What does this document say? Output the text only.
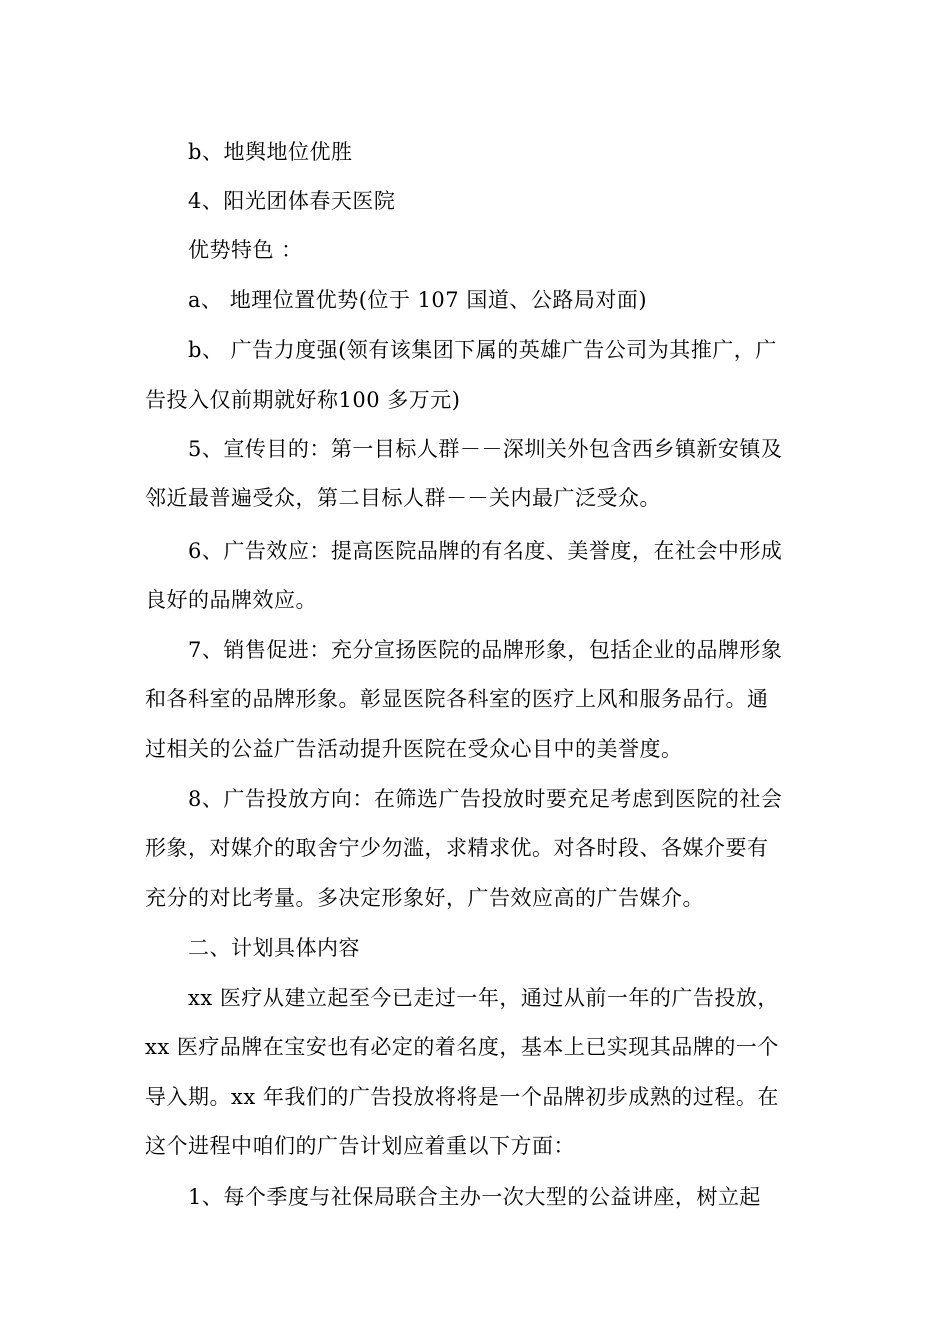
b、地舆地位优胜
4、阳光团体春天医院
优势特色 ：
a、 地理位置优势(位于 107 国道、公路局对面)
b、 广告力度强(领有该集团下属的英雄广告公司为其推广，广
告投入仅前期就好称100 多万元)
5、宣传目的：第一目标人群－－深圳关外包含西乡镇新安镇及
邻近最普遍受众，第二目标人群－－关内最广泛受众。
6、广告效应：提高医院品牌的有名度、美誉度，在社会中形成
良好的品牌效应。
7、销售促进：充分宣扬医院的品牌形象，包括企业的品牌形象
和各科室的品牌形象。彰显医院各科室的医疗上风和服务品行。通
过相关的公益广告活动提升医院在受众心目中的美誉度。
8、广告投放方向：在筛选广告投放时要充足考虑到医院的社会
形象，对媒介的取舍宁少勿滥，求精求优。对各时段、各媒介要有
充分的对比考量。多决定形象好，广告效应高的广告媒介。
二、计划具体内容
xx 医疗从建立起至今已走过一年，通过从前一年的广告投放，
xx 医疗品牌在宝安也有必定的着名度，基本上已实现其品牌的一个
导入期。xx 年我们的广告投放将将是一个品牌初步成熟的过程。在
这个进程中咱们的广告计划应着重以下方面：
1、每个季度与社保局联合主办一次大型的公益讲座，树立起
